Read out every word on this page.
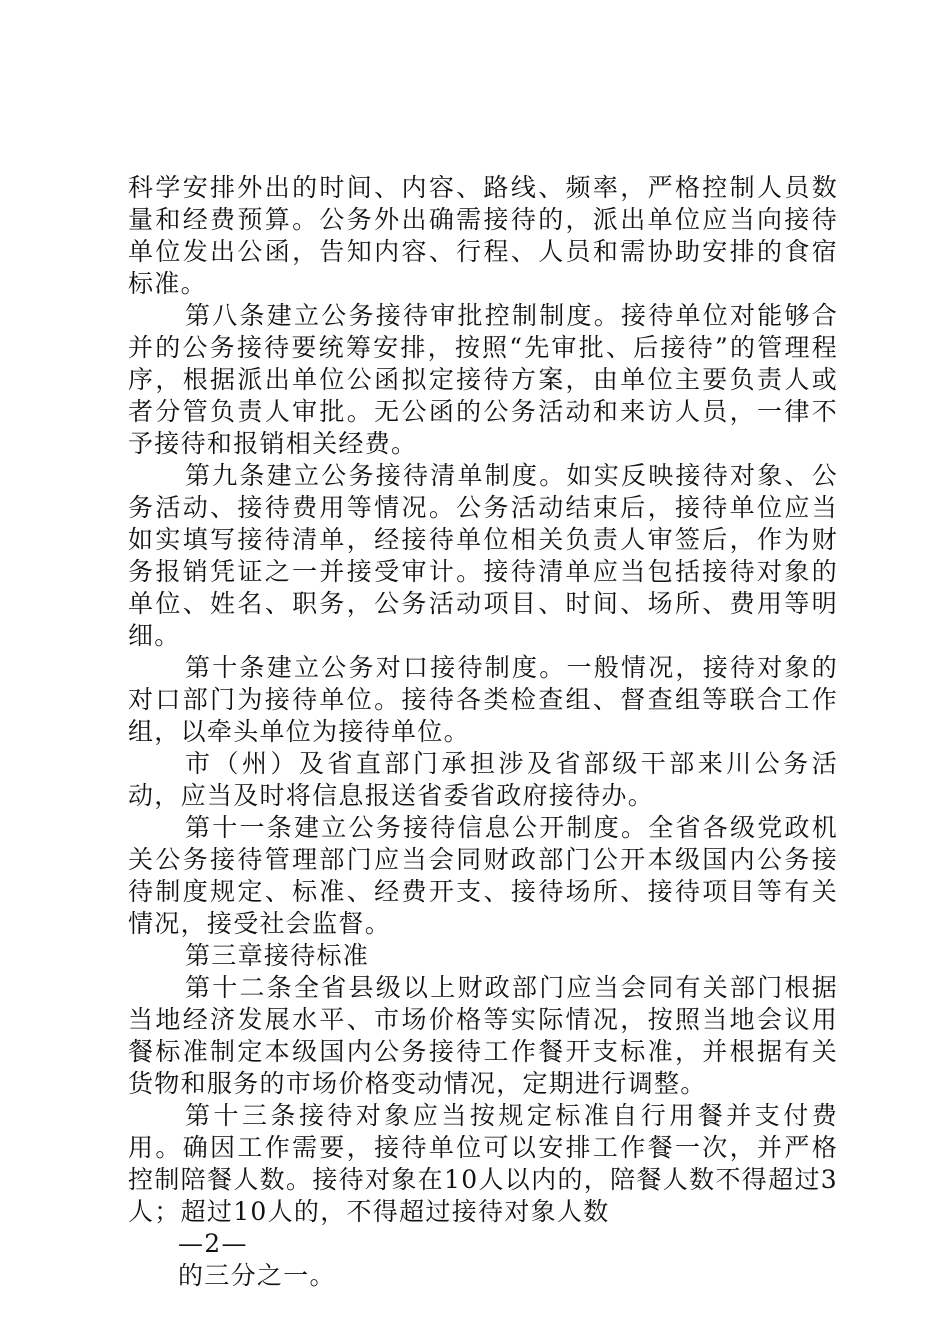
科学安排外出的时间、内容、路线、频率，严格控制人员数量和经费预算。公务外出确需接待的，派出单位应当向接待单位发出公函，告知内容、行程、人员和需协助安排的食宿标准。

第八条建立公务接待审批控制制度。接待单位对能够合并的公务接待要统筹安排，按照“先审批、后接待”的管理程序，根据派出单位公函拟定接待方案，由单位主要负责人或者分管负责人审批。无公函的公务活动和来访人员，一律不予接待和报销相关经费。

第九条建立公务接待清单制度。如实反映接待对象、公务活动、接待费用等情况。公务活动结束后，接待单位应当如实填写接待清单，经接待单位相关负责人审签后，作为财务报销凭证之一并接受审计。接待清单应当包括接待对象的单位、姓名、职务，公务活动项目、时间、场所、费用等明细。

第十条建立公务对口接待制度。一般情况，接待对象的对口部门为接待单位。接待各类检查组、督查组等联合工作组，以牵头单位为接待单位。

市（州）及省直部门承担涉及省部级干部来川公务活动，应当及时将信息报送省委省政府接待办。

第十一条建立公务接待信息公开制度。全省各级党政机关公务接待管理部门应当会同财政部门公开本级国内公务接待制度规定、标准、经费开支、接待场所、接待项目等有关情况，接受社会监督。

第三章接待标准

第十二条全省县级以上财政部门应当会同有关部门根据当地经济发展水平、市场价格等实际情况，按照当地会议用餐标准制定本级国内公务接待工作餐开支标准，并根据有关货物和服务的市场价格变动情况，定期进行调整。

第十三条接待对象应当按规定标准自行用餐并支付费用。确因工作需要，接待单位可以安排工作餐一次，并严格控制陪餐人数。接待对象在10人以内的，陪餐人数不得超过3人；超过10人的，不得超过接待对象人数

—2—

的三分之一。
